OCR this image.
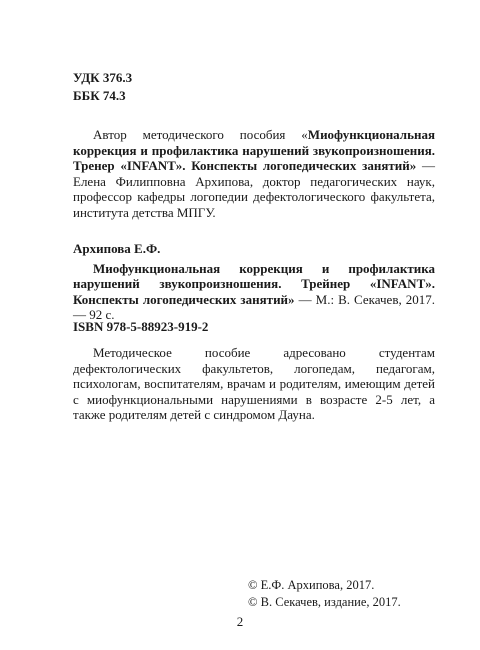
УДК 376.3
ББК 74.3

Автор методического пособия «Миофункциональная коррекция и профилактика нарушений звукопроизношения. Тренер «INFANT». Конспекты логопедических занятий» — Елена Филипповна Архипова, доктор педагогических наук, профессор кафедры логопедии дефектологического факультета, института детства МПГУ.

Архипова Е.Ф.

Миофункциональная коррекция и профилактика нарушений звукопроизношения. Трейнер «INFANT». Конспекты логопедических занятий» — М.: В. Секачев, 2017. — 92 с.

ISBN 978-5-88923-919-2

Методическое пособие адресовано студентам дефектологических факультетов, логопедам, педагогам, психологам, воспитателям, врачам и родителям, имеющим детей с миофункциональными нарушениями в возрасте 2-5 лет, а также родителям детей с синдромом Дауна.

© Е.Ф. Архипова, 2017.
© В. Секачев, издание, 2017.
2
